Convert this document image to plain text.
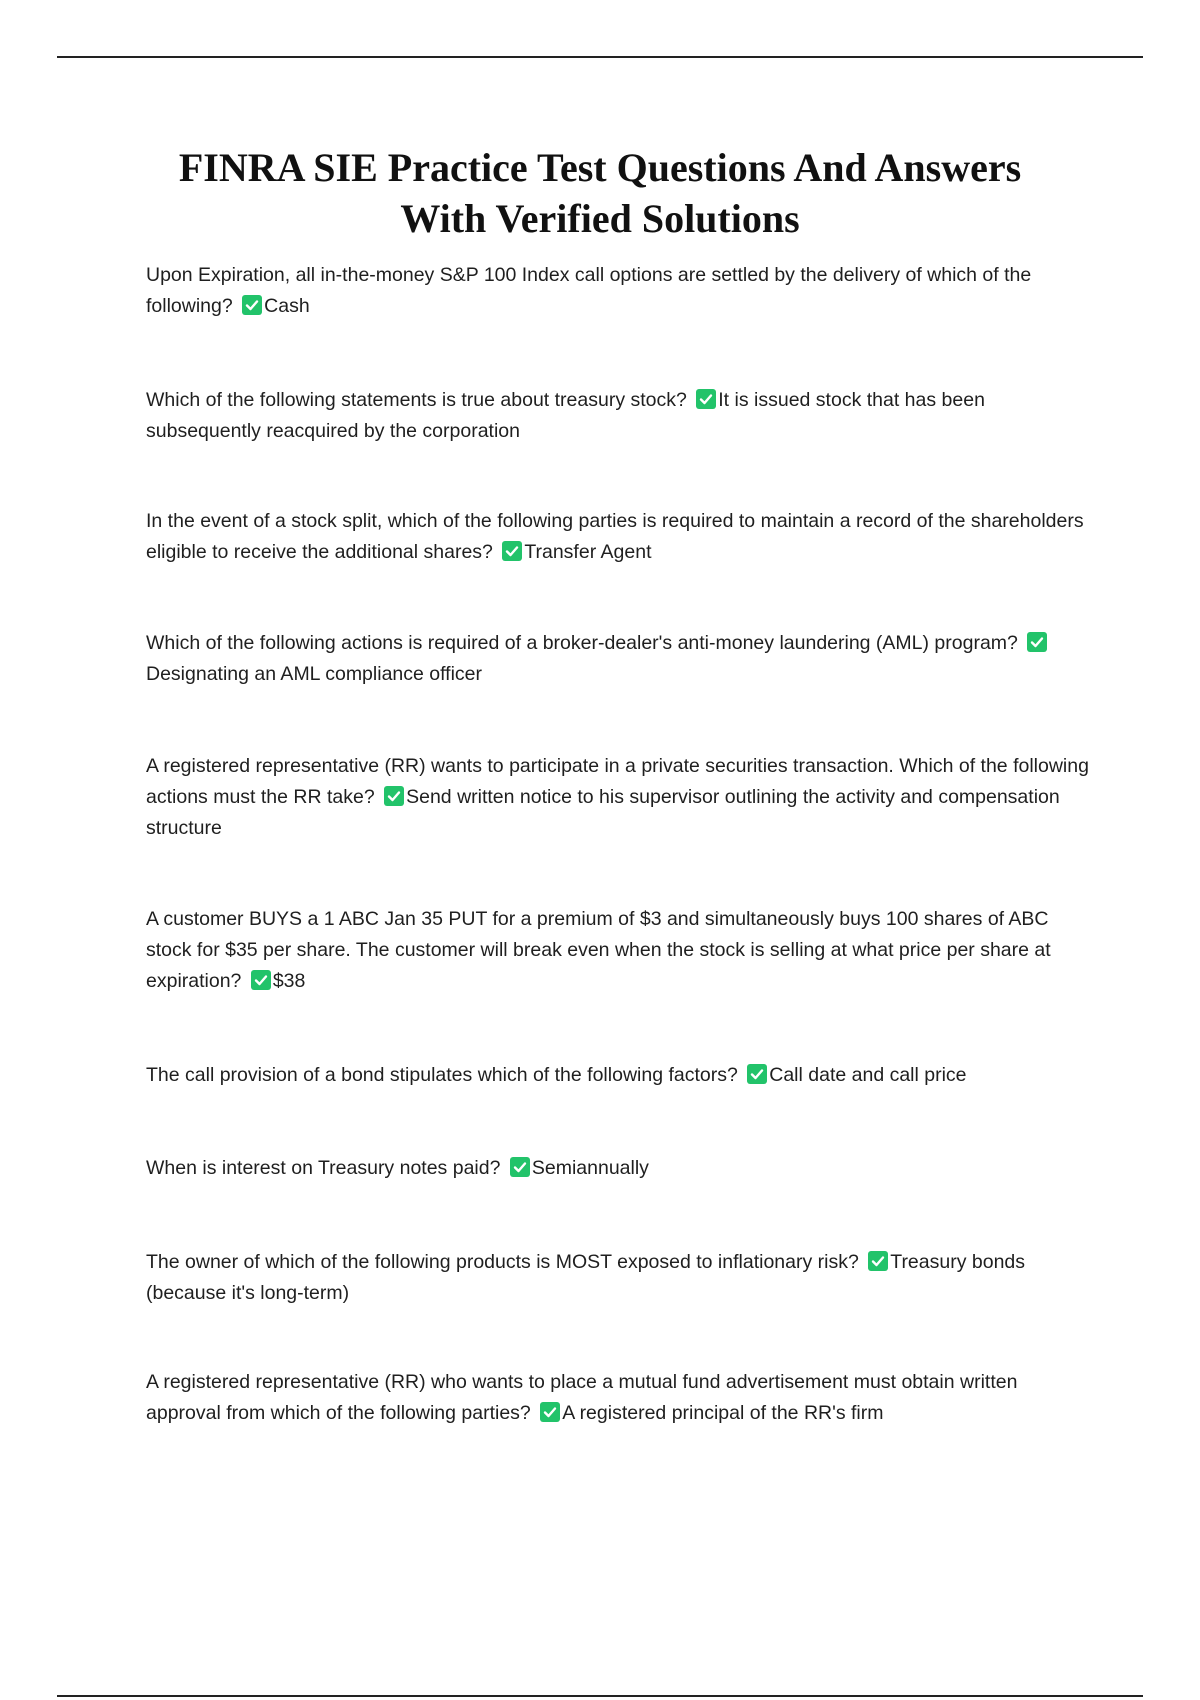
FINRA SIE Practice Test Questions And Answers
With Verified Solutions

Upon Expiration, all in-the-money S&P 100 Index call options are settled by the delivery of which of the following? Cash

Which of the following statements is true about treasury stock? It is issued stock that has been subsequently reacquired by the corporation

In the event of a stock split, which of the following parties is required to maintain a record of the shareholders eligible to receive the additional shares? Transfer Agent

Which of the following actions is required of a broker-dealer's anti-money laundering (AML) program?
Designating an AML compliance officer

A registered representative (RR) wants to participate in a private securities transaction. Which of the following actions must the RR take? Send written notice to his supervisor outlining the activity and compensation structure

A customer BUYS a 1 ABC Jan 35 PUT for a premium of $3 and simultaneously buys 100 shares of ABC stock for $35 per share. The customer will break even when the stock is selling at what price per share at expiration? $38

The call provision of a bond stipulates which of the following factors? Call date and call price

When is interest on Treasury notes paid? Semiannually

The owner of which of the following products is MOST exposed to inflationary risk? Treasury bonds (because it's long-term)

A registered representative (RR) who wants to place a mutual fund advertisement must obtain written approval from which of the following parties? A registered principal of the RR's firm
